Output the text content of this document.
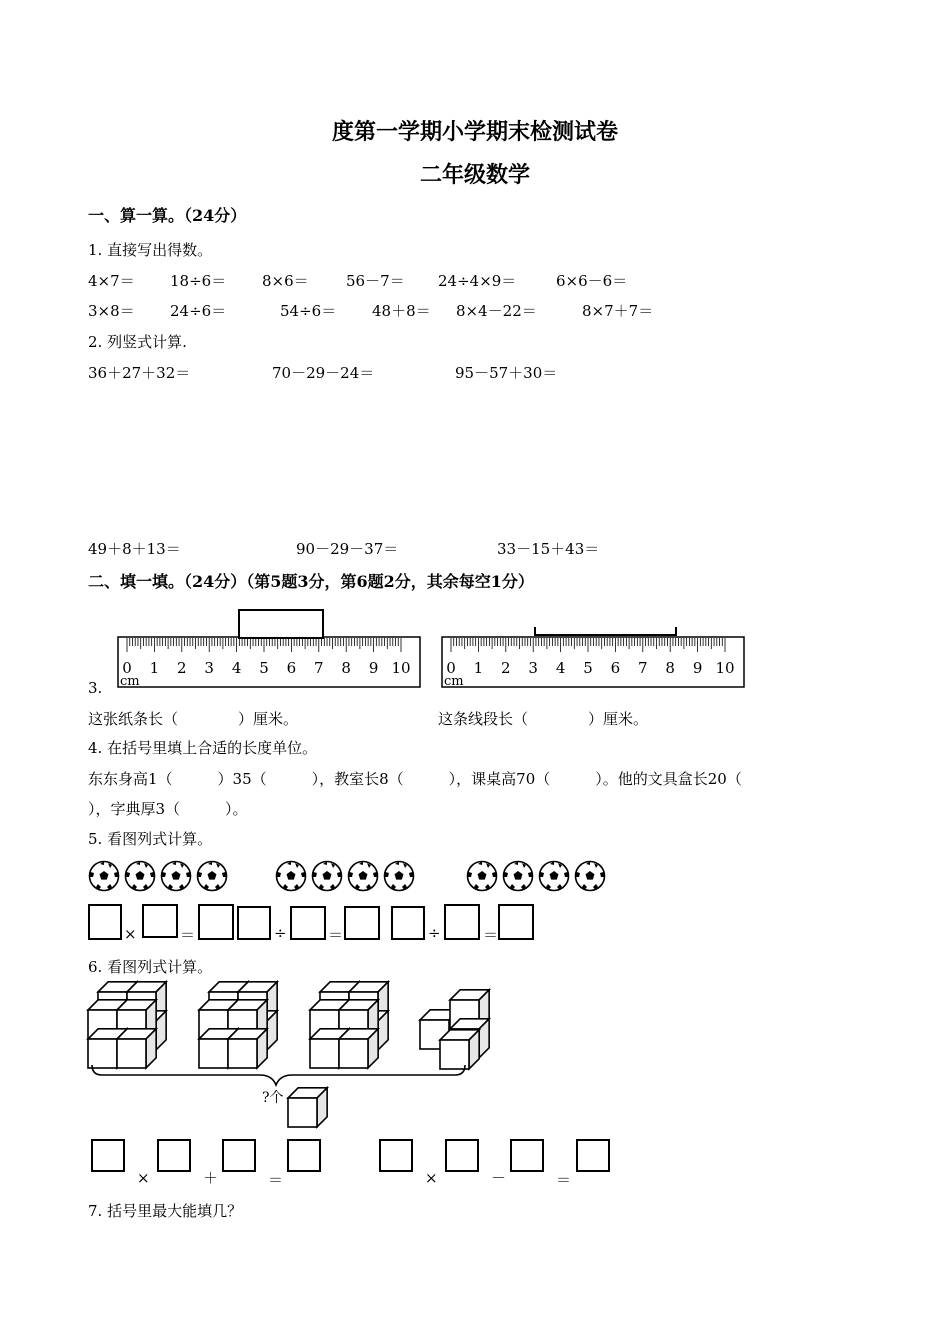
度第一学期小学期末检测试卷
二年级数学
一、算一算。（24分）
1. 直接写出得数。
4×7＝ 18÷6＝ 8×6＝ 56－7＝ 24÷4×9＝	6×6－6＝
3×8＝ 24÷6＝	54÷6＝ 48＋8＝ 8×4－22＝	8×7＋7＝
2. 列竖式计算.
36＋27＋32＝	70－29－24＝	95－57＋30＝
49＋8＋13＝	90－29－37＝	33－15＋43＝
二、填一填。（24分）（第5题3分，第6题2分，其余每空1分）
0 1 2 3 4 5 6 7 8 9 10
cm
0 1 2 3 4 5 6 7 8 9 10
cm
3.
这张纸条长（　　　　）厘米。	这条线段长（　　　　）厘米。
4. 在括号里填上合适的长度单位。
东东身高1（　　　）35（　　　），教室长8（　　　），课桌高70（　　　）。他的文具盒长20（
），字典厚3（　　　）。
5. 看图列式计算。
×	＝	÷	＝	÷	＝
6. 看图列式计算。
?个
×	＋	＝	×	－	＝
7. 括号里最大能填几？
